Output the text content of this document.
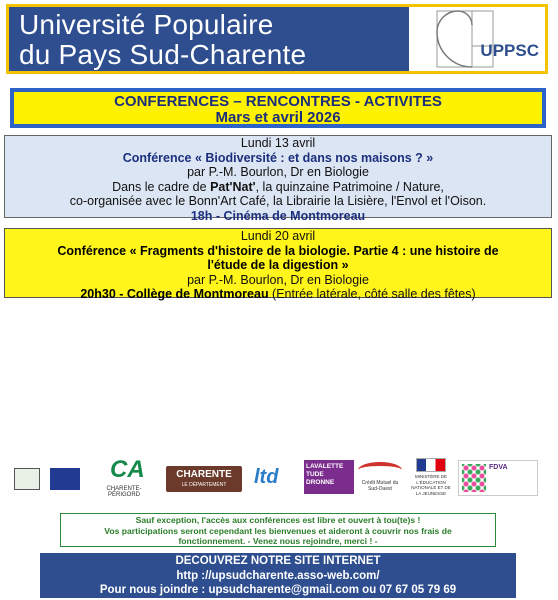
Université Populaire
du Pays Sud-Charente	UPPSC
CONFERENCES – RENCONTRES - ACTIVITES
Mars et avril 2026
Lundi 13 avril
Conférence « Biodiversité : et dans nos maisons ? »
par P.-M. Bourlon, Dr en Biologie
Dans le cadre de Pat'Nat', la quinzaine Patrimoine / Nature,
co-organisée avec le Bonn'Art Café, la Librairie la Lisière, l'Envol et l'Oison.
18h - Cinéma de Montmoreau
Lundi 20 avril
Conférence « Fragments d'histoire de la biologie. Partie 4 : une histoire de
l'étude de la digestion »
par P.-M. Bourlon, Dr en Biologie
20h30 - Collège de Montmoreau (Entrée latérale, côté salle des fêtes)
CA
CHARENTE-PÉRIGORD
CHARENTE
LE DÉPARTEMENT	ltd	LAVALETTE TUDE DRONNE	Crédit Mutuel du Sud-Ouest
MINISTÈRE DE L'ÉDUCATION NATIONALE ET DE LA JEUNESSE
FDVA
Sauf exception, l'accès aux conférences est libre et ouvert à tou(te)s !
Vos participations seront cependant les bienvenues et aideront à couvrir nos frais de
fonctionnement. - Venez nous rejoindre, merci ! -
DECOUVREZ NOTRE SITE INTERNET
http ://upsudcharente.asso-web.com/
Pour nous joindre : upsudcharente@gmail.com ou 07 67 05 79 69
